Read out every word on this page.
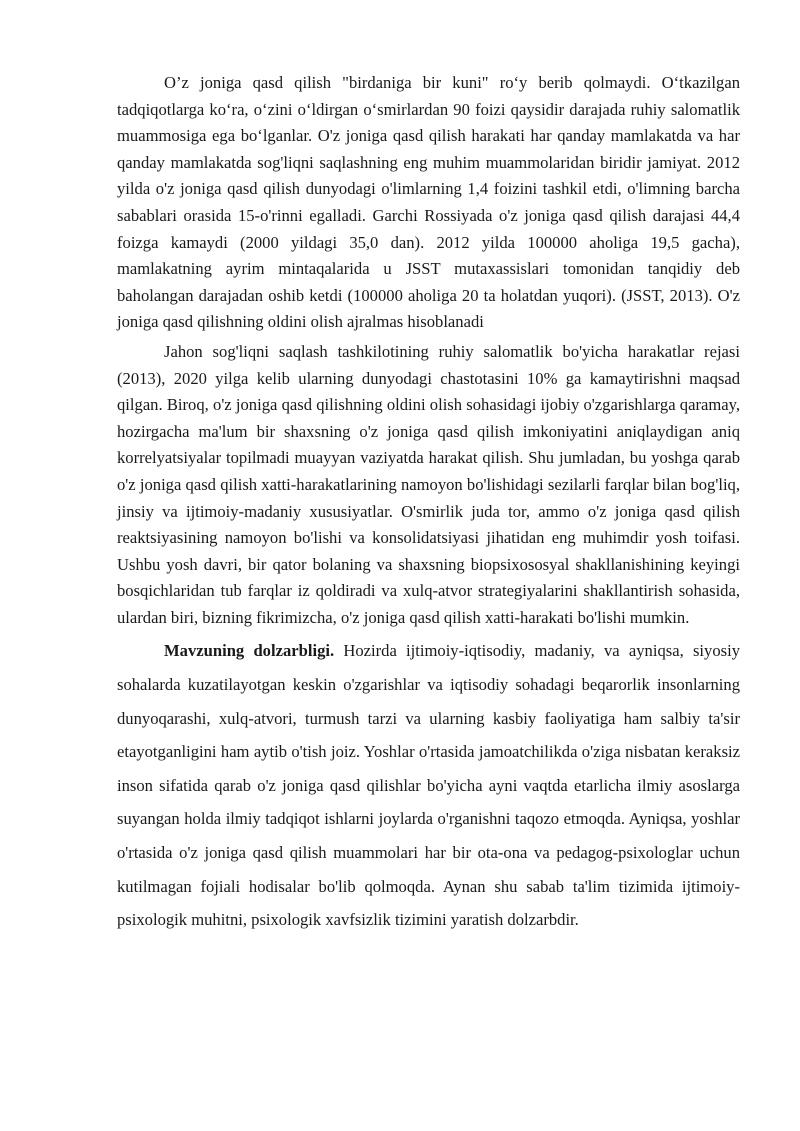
O’z joniga qasd qilish "birdaniga bir kuni" ro‘y berib qolmaydi. O‘tkazilgan tadqiqotlarga ko‘ra, o‘zini o‘ldirgan o‘smirlardan 90 foizi qaysidir darajada ruhiy salomatlik muammosiga ega bo‘lganlar. O'z joniga qasd qilish harakati har qanday mamlakatda va har qanday mamlakatda sog'liqni saqlashning eng muhim muammolaridan biridir jamiyat. 2012 yilda o'z joniga qasd qilish dunyodagi o'limlarning 1,4 foizini tashkil etdi, o'limning barcha sabablari orasida 15-o'rinni egalladi. Garchi Rossiyada o'z joniga qasd qilish darajasi 44,4 foizga kamaydi (2000 yildagi 35,0 dan). 2012 yilda 100000 aholiga 19,5 gacha), mamlakatning ayrim mintaqalarida u JSST mutaxassislari tomonidan tanqidiy deb baholangan darajadan oshib ketdi (100000 aholiga 20 ta holatdan yuqori). (JSST, 2013). O'z joniga qasd qilishning oldini olish ajralmas hisoblanadi

Jahon sog'liqni saqlash tashkilotining ruhiy salomatlik bo'yicha harakatlar rejasi (2013), 2020 yilga kelib ularning dunyodagi chastotasini 10% ga kamaytirishni maqsad qilgan. Biroq, o'z joniga qasd qilishning oldini olish sohasidagi ijobiy o'zgarishlarga qaramay, hozirgacha ma'lum bir shaxsning o'z joniga qasd qilish imkoniyatini aniqlaydigan aniq korrelyatsiyalar topilmadi muayyan vaziyatda harakat qilish. Shu jumladan, bu yoshga qarab o'z joniga qasd qilish xatti-harakatlarining namoyon bo'lishidagi sezilarli farqlar bilan bog'liq, jinsiy va ijtimoiy-madaniy xususiyatlar. O'smirlik juda tor, ammo o'z joniga qasd qilish reaktsiyasining namoyon bo'lishi va konsolidatsiyasi jihatidan eng muhimdir yosh toifasi. Ushbu yosh davri, bir qator bolaning va shaxsning biopsixososyal shakllanishining keyingi bosqichlaridan tub farqlar iz qoldiradi va xulq-atvor strategiyalarini shakllantirish sohasida, ulardan biri, bizning fikrimizcha, o'z joniga qasd qilish xatti-harakati bo'lishi mumkin.

Mavzuning dolzarbligi. Hozirda ijtimoiy-iqtisodiy, madaniy, va ayniqsa, siyosiy sohalarda kuzatilayotgan keskin o'zgarishlar va iqtisodiy sohadagi beqarorlik insonlarning dunyoqarashi, xulq-atvori, turmush tarzi va ularning kasbiy faoliyatiga ham salbiy ta'sir etayotganligini ham aytib o'tish joiz. Yoshlar o'rtasida jamoatchilikda o'ziga nisbatan keraksiz inson sifatida qarab o'z joniga qasd qilishlar bo'yicha ayni vaqtda etarlicha ilmiy asoslarga suyangan holda ilmiy tadqiqot ishlarni joylarda o'rganishni taqozo etmoqda. Ayniqsa, yoshlar o'rtasida o'z joniga qasd qilish muammolari har bir ota-ona va pedagog-psixologlar uchun kutilmagan fojiali hodisalar bo'lib qolmoqda. Aynan shu sabab ta'lim tizimida ijtimoiy-psixologik muhitni, psixologik xavfsizlik tizimini yaratish dolzarbdir.
